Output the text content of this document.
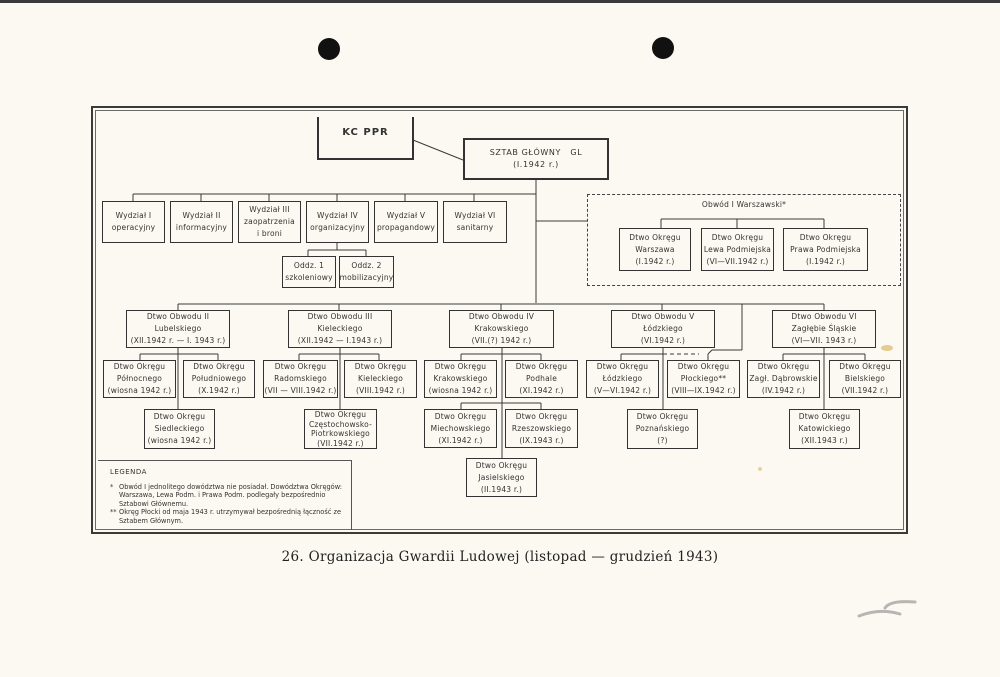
KC PPR
SZTAB GŁÓWNY   GL
(I.1942 r.)
Wydział I
operacyjny
Wydział II
informacyjny
Wydział III
zaopatrzenia
i broni
Wydział IV
organizacyjny
Wydział V
propagandowy
Wydział VI
sanitarny
Oddz. 1
szkoleniowy
Oddz. 2
mobilizacyjny
Obwód I Warszawski*
Dtwo Okręgu
Warszawa
(I.1942 r.)
Dtwo Okręgu
Lewa Podmiejska
(VI—VII.1942 r.)
Dtwo Okręgu
Prawa Podmiejska
(I.1942 r.)
Dtwo Obwodu II
Lubelskiego
(XII.1942 r. — I. 1943 r.)
Dtwo Obwodu III
Kieleckiego
(XII.1942 — I.1943 r.)
Dtwo Obwodu IV
Krakowskiego
(VII.(?) 1942 r.)
Dtwo Obwodu V
Łódzkiego
(VI.1942 r.)
Dtwo Obwodu VI
Zagłębie Śląskie
(VI—VII. 1943 r.)
Dtwo Okręgu
Północnego
(wiosna 1942 r.)
Dtwo Okręgu
Południowego
(X.1942 r.)
Dtwo Okręgu
Siedleckiego
(wiosna 1942 r.)
Dtwo Okręgu
Radomskiego
(VII — VIII.1942 r.)
Dtwo Okręgu
Kieleckiego
(VIII.1942 r.)
Dtwo Okręgu
Częstochowsko-
Piotrkowskiego
(VII.1942 r.)
Dtwo Okręgu
Krakowskiego
(wiosna 1942 r.)
Dtwo Okręgu
Podhale
(XI.1942 r.)
Dtwo Okręgu
Miechowskiego
(XI.1942 r.)
Dtwo Okręgu
Rzeszowskiego
(IX.1943 r.)
Dtwo Okręgu
Jasielskiego
(II.1943 r.)
Dtwo Okręgu
Łódzkiego
(V—VI.1942 r.)
Dtwo Okręgu
Płockiego**
(VIII—IX.1942 r.)
Dtwo Okręgu
Poznańskiego
(?)
Dtwo Okręgu
Zagł. Dąbrowskie
(IV.1942 r.)
Dtwo Okręgu
Bielskiego
(VII.1942 r.)
Dtwo Okręgu
Katowickiego
(XII.1943 r.)
LEGENDA
* Obwód I jednolitego dowództwa nie posiadał. Dowództwa Okręgów: Warszawa, Lewa Podm. i Prawa Podm. podlegały bezpośrednio Sztabowi Głównemu.
** Okręg Płocki od maja 1943 r. utrzymywał bezpośrednią łączność ze Sztabem Głównym.
26. Organizacja Gwardii Ludowej (listopad — grudzień 1943)
